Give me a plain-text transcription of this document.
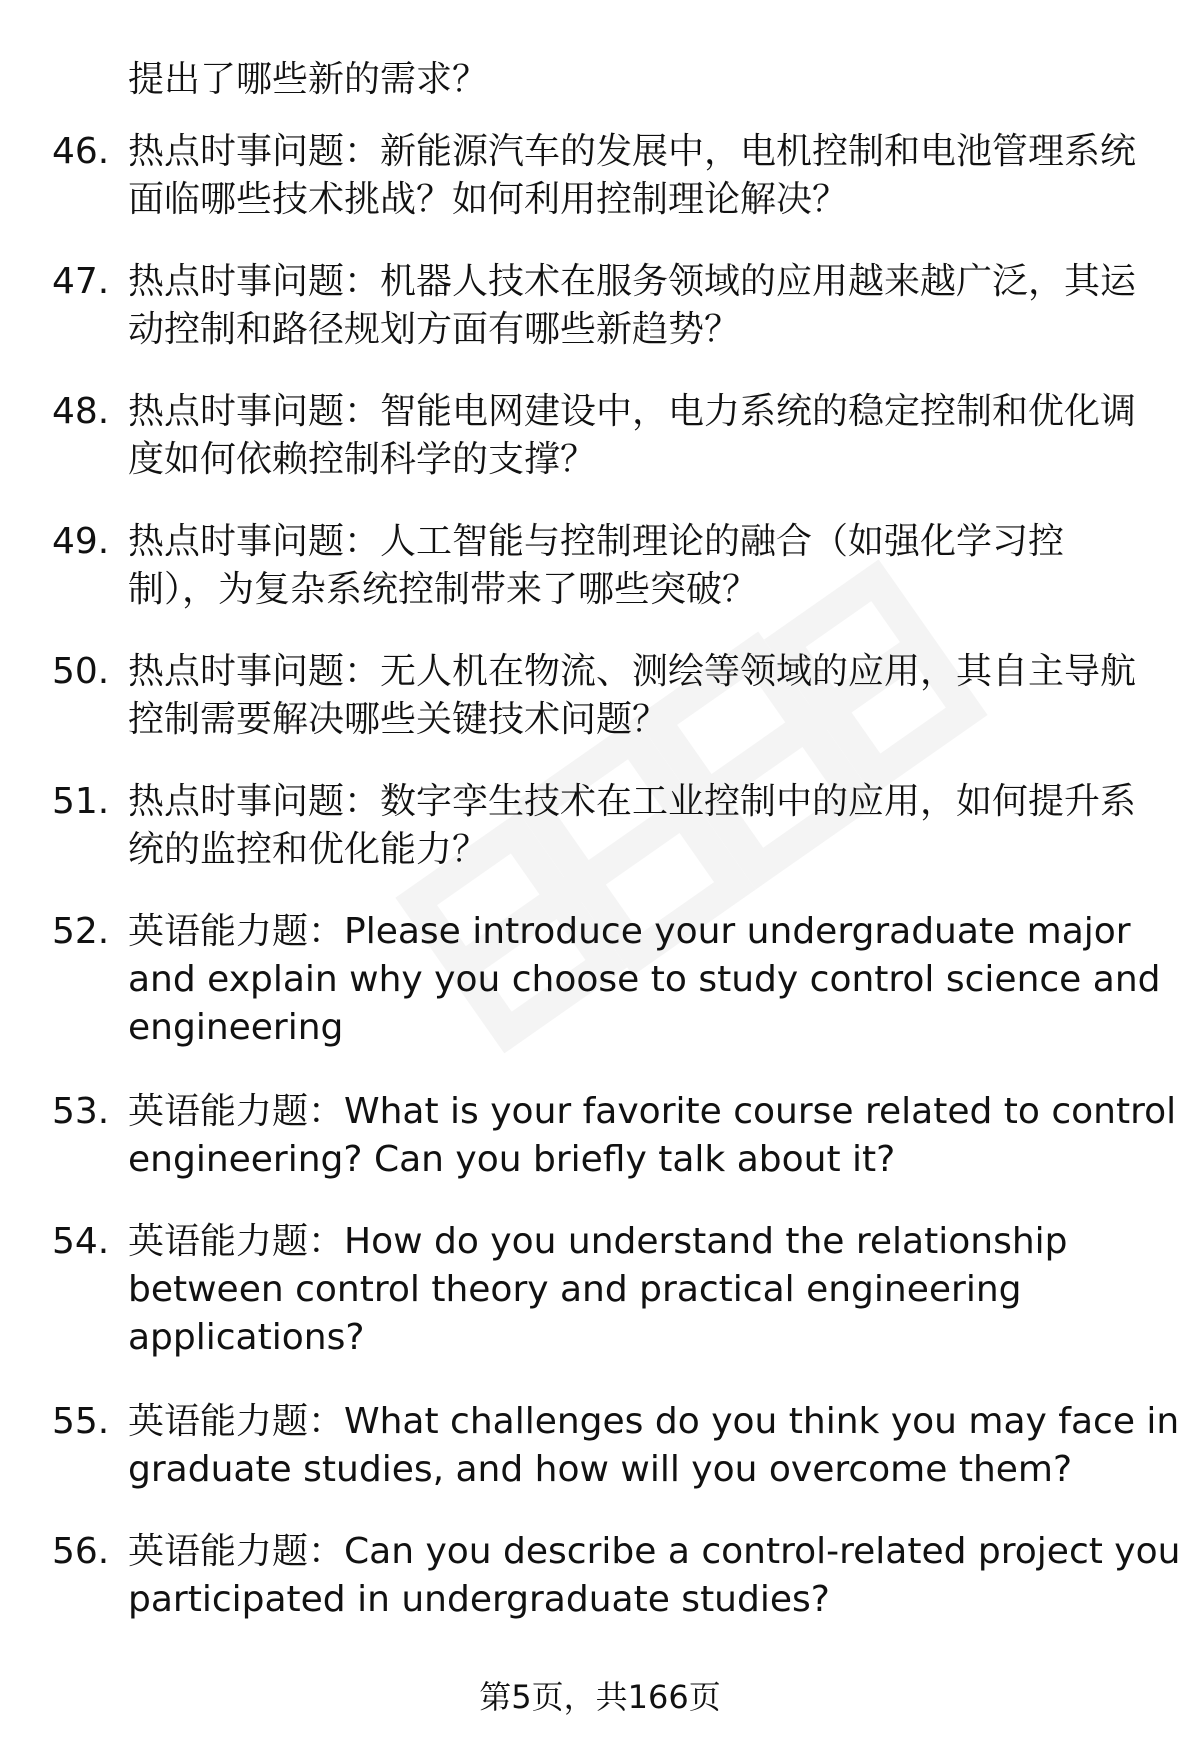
提出了哪些新的需求？
46. 热点时事问题：新能源汽车的发展中，电机控制和电池管理系统
面临哪些技术挑战？如何利用控制理论解决？
47. 热点时事问题：机器人技术在服务领域的应用越来越广泛，其运
动控制和路径规划方面有哪些新趋势？
48. 热点时事问题：智能电网建设中，电力系统的稳定控制和优化调
度如何依赖控制科学的支撑？
49. 热点时事问题：人工智能与控制理论的融合（如强化学习控
制），为复杂系统控制带来了哪些突破？
50. 热点时事问题：无人机在物流、测绘等领域的应用，其自主导航
控制需要解决哪些关键技术问题？
51. 热点时事问题：数字孪生技术在工业控制中的应用，如何提升系
统的监控和优化能力？
52. 英语能力题：Please introduce your undergraduate major
and explain why you choose to study control science and
engineering
53. 英语能力题：What is your favorite course related to control
engineering? Can you briefly talk about it?
54. 英语能力题：How do you understand the relationship
between control theory and practical engineering
applications?
55. 英语能力题：What challenges do you think you may face in
graduate studies, and how will you overcome them?
56. 英语能力题：Can you describe a control-related project you
participated in undergraduate studies?
第5页，共166页
